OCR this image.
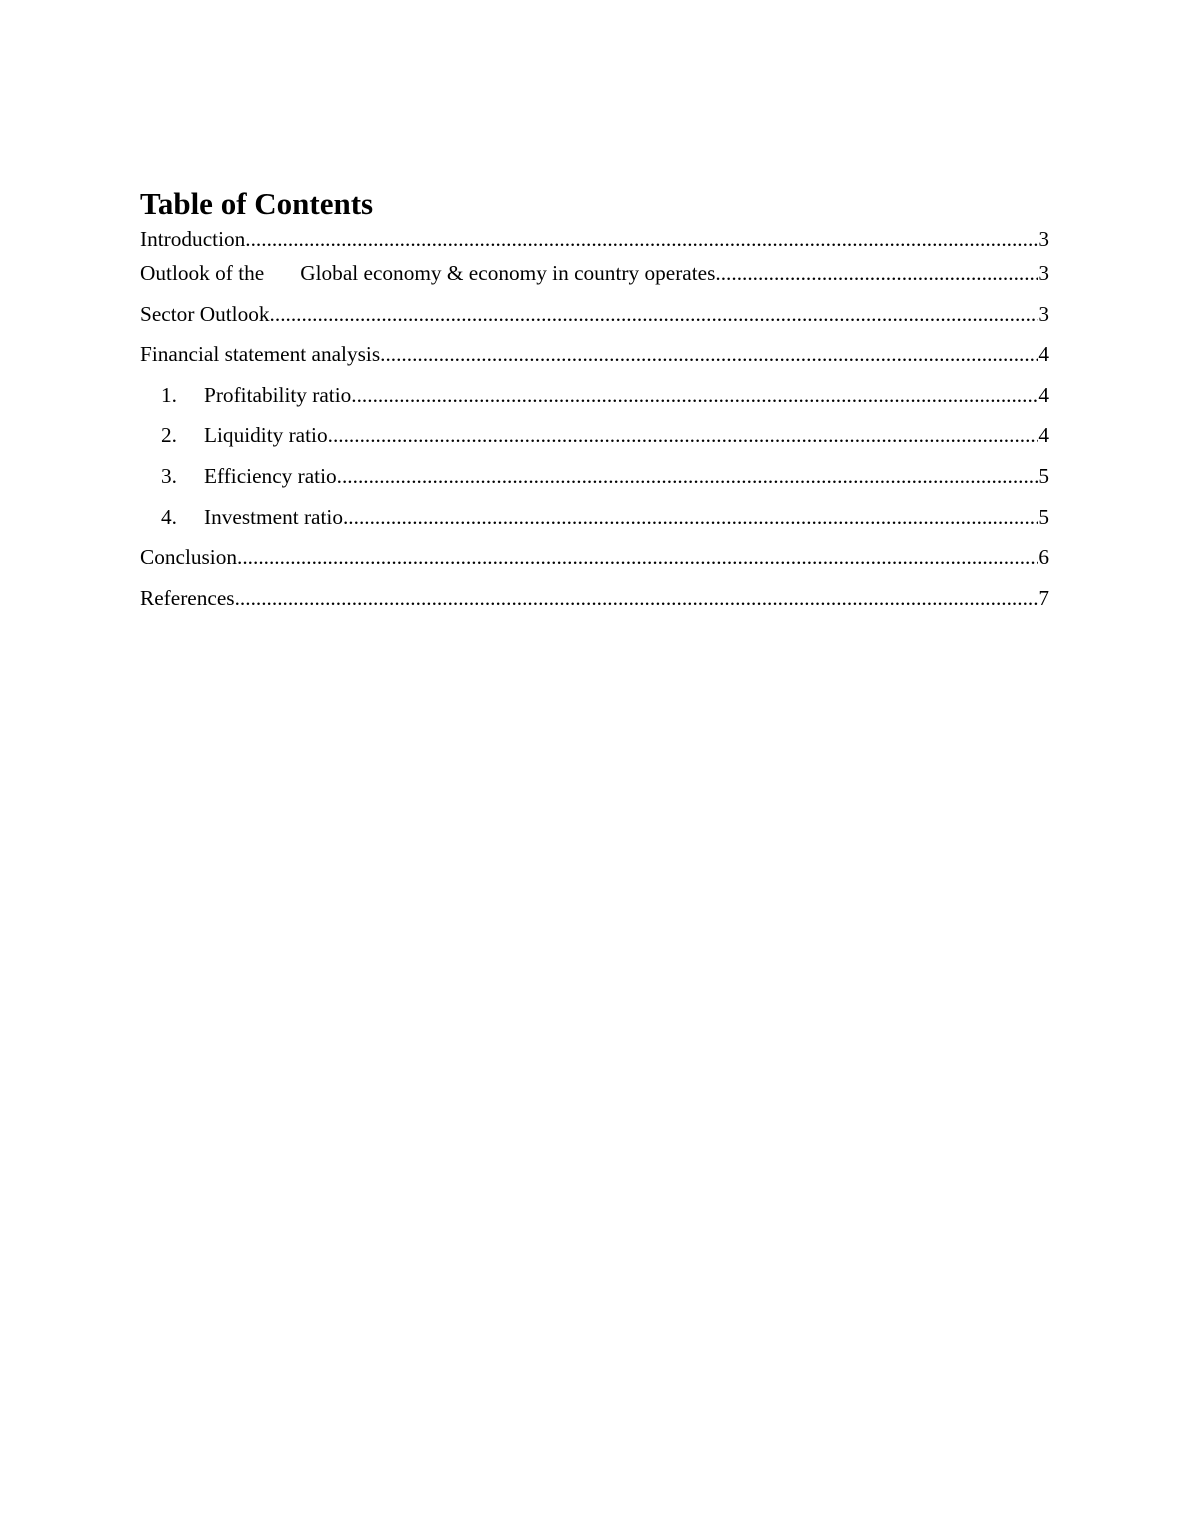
Table of Contents
Introduction .....	3
Outlook of the Global economy & economy in country operates .....	3
Sector Outlook .....	3
Financial statement analysis .....	4
1.	Profitability ratio .....	4
2.	Liquidity ratio .....	4
3.	Efficiency ratio .....	5
4.	Investment ratio .....	5
Conclusion .....	6
References .....	7
